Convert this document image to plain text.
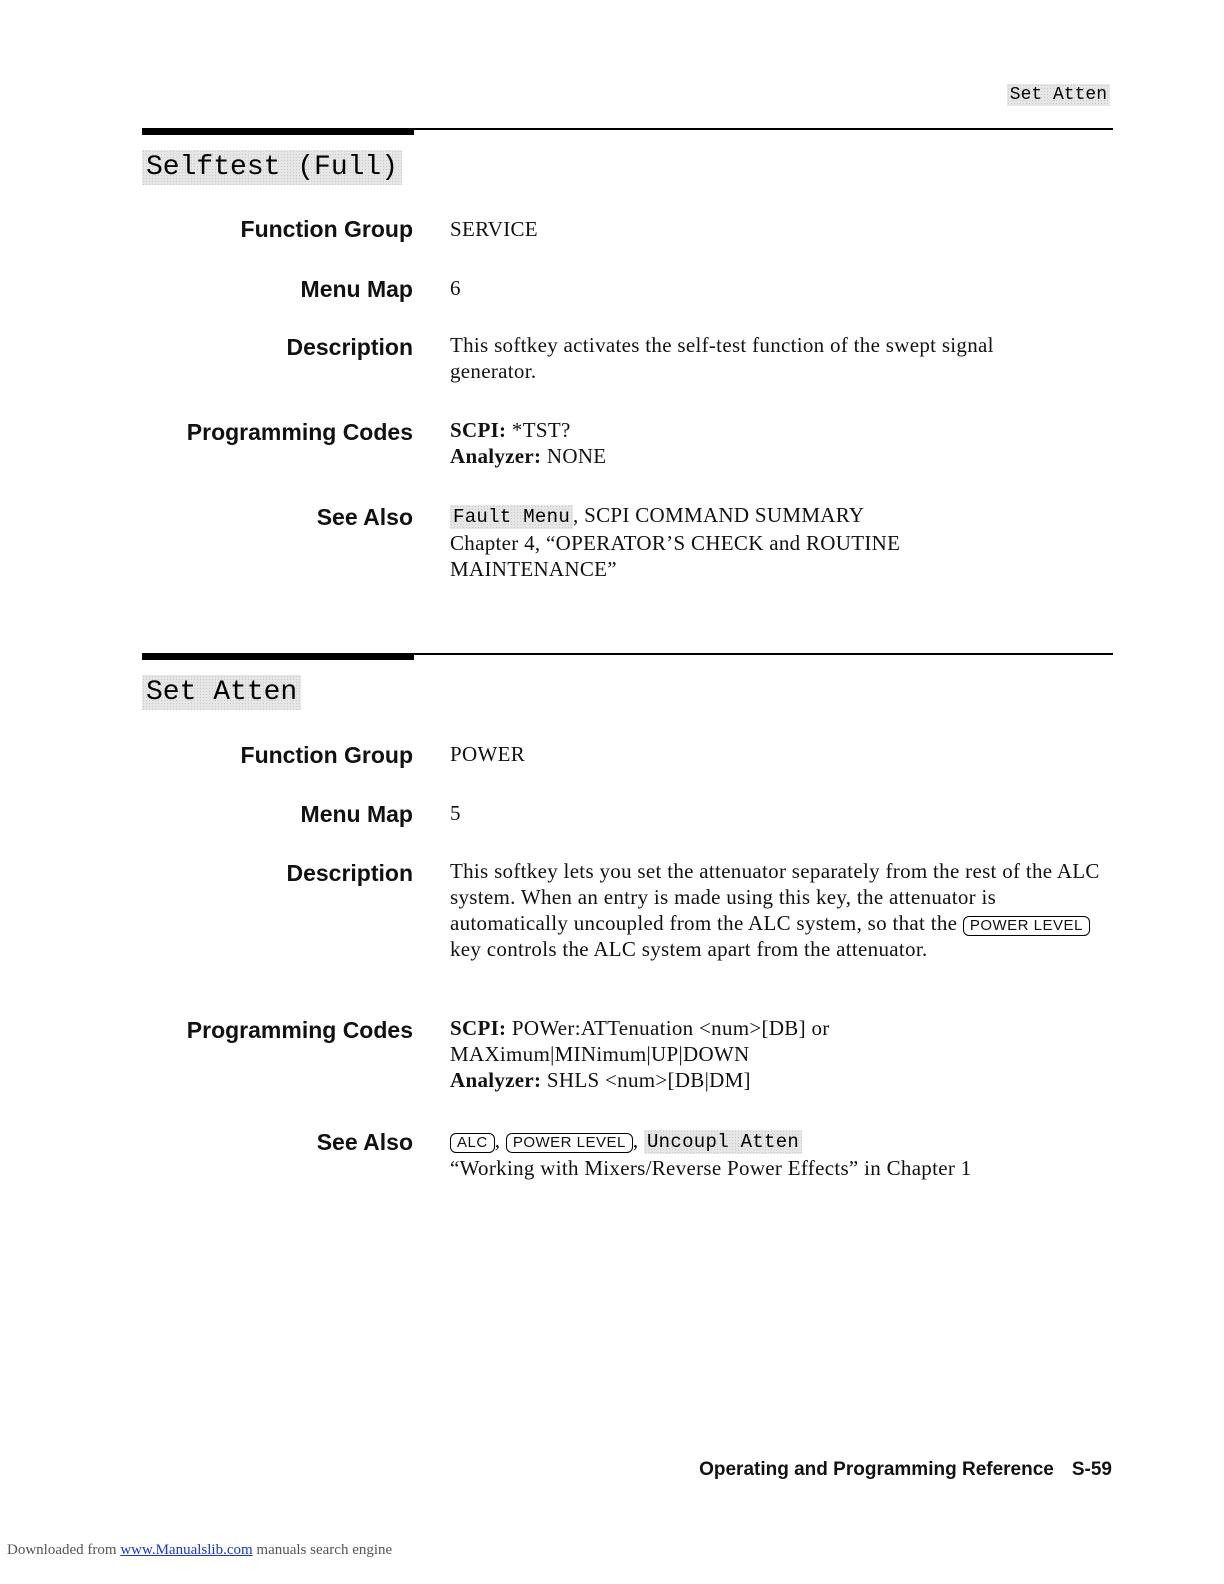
Set Atten
Selftest (Full)
Function Group SERVICE
Menu Map 6
Description This softkey activates the self-test function of the swept signal generator.
Programming Codes SCPI: *TST?
Analyzer: NONE
See Also Fault Menu , SCPI COMMAND SUMMARY
Chapter 4, “OPERATOR’S CHECK and ROUTINE MAINTENANCE”
Set Atten
Function Group POWER
Menu Map 5
Description This softkey lets you set the attenuator separately from the rest of the ALC system. When an entry is made using this key, the attenuator is automatically uncoupled from the ALC system, so that the POWER LEVEL key controls the ALC system apart from the attenuator.
Programming Codes SCPI: POWer:ATTenuation <num>[DB] or MAXimum|MINimum|UP|DOWN
Analyzer: SHLS <num>[DB|DM]
See Also	ALC , POWER LEVEL , Uncoupl Atten
“Working with Mixers/Reverse Power Effects” in Chapter 1
Operating and Programming Reference S-59
Downloaded from www.Manualslib.com manuals search engine
